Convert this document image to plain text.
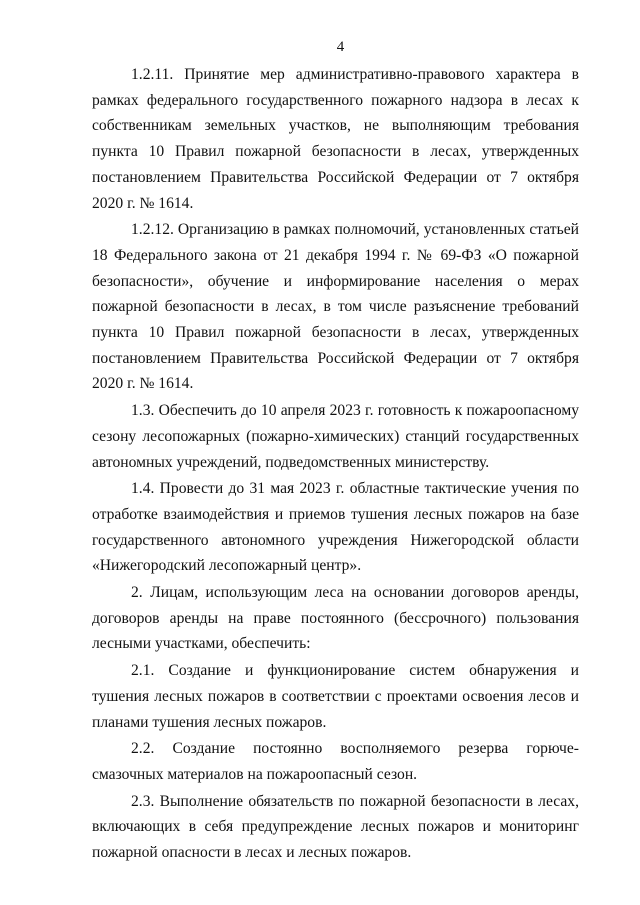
4

1.2.11. Принятие мер административно-правового характера в рамках федерального государственного пожарного надзора в лесах к собственникам земельных участков, не выполняющим требования пункта 10 Правил пожарной безопасности в лесах, утвержденных постановлением Правительства Российской Федерации от 7 октября 2020 г. № 1614.

1.2.12. Организацию в рамках полномочий, установленных статьей 18 Федерального закона от 21 декабря 1994 г. № 69-ФЗ «О пожарной безопасности», обучение и информирование населения о мерах пожарной безопасности в лесах, в том числе разъяснение требований пункта 10 Правил пожарной безопасности в лесах, утвержденных постановлением Правительства Российской Федерации от 7 октября 2020 г. № 1614.

1.3. Обеспечить до 10 апреля 2023 г. готовность к пожароопасному сезону лесопожарных (пожарно-химических) станций государственных автономных учреждений, подведомственных министерству.

1.4. Провести до 31 мая 2023 г. областные тактические учения по отработке взаимодействия и приемов тушения лесных пожаров на базе государственного автономного учреждения Нижегородской области «Нижегородский лесопожарный центр».

2. Лицам, использующим леса на основании договоров аренды, договоров аренды на праве постоянного (бессрочного) пользования лесными участками, обеспечить:

2.1. Создание и функционирование систем обнаружения и тушения лесных пожаров в соответствии с проектами освоения лесов и планами тушения лесных пожаров.

2.2. Создание постоянно восполняемого резерва горюче-смазочных материалов на пожароопасный сезон.

2.3. Выполнение обязательств по пожарной безопасности в лесах, включающих в себя предупреждение лесных пожаров и мониторинг пожарной опасности в лесах и лесных пожаров.
